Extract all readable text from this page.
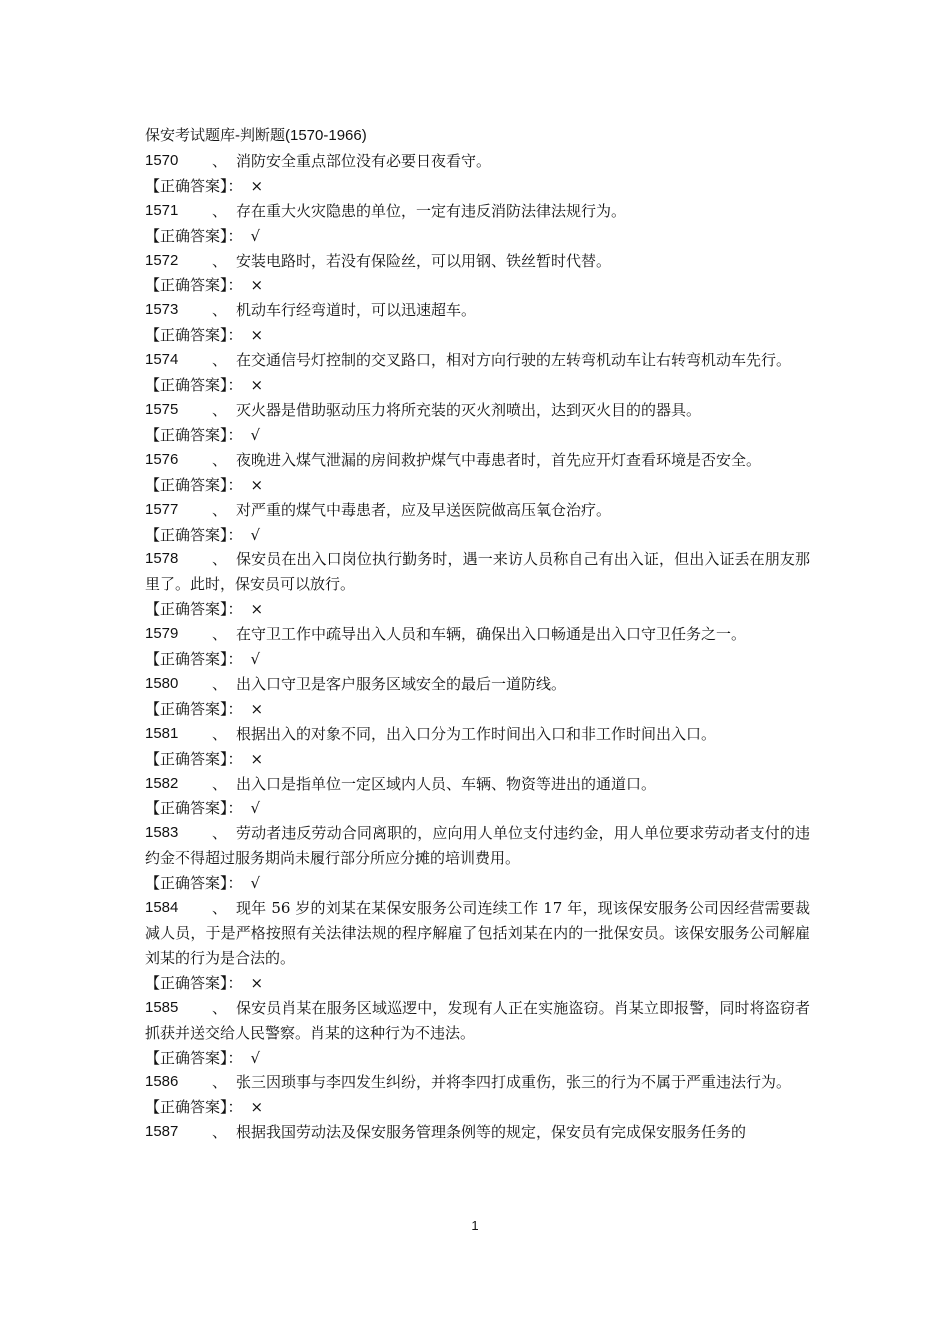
保安考试题库-判断题(1570-1966)
1570 、 消防安全重点部位没有必要日夜看守。
【正确答案】： ×
1571 、 存在重大火灾隐患的单位，一定有违反消防法律法规行为。
【正确答案】： √
1572 、 安装电路时，若没有保险丝，可以用钢、铁丝暂时代替。
【正确答案】： ×
1573 、 机动车行经弯道时，可以迅速超车。
【正确答案】： ×
1574 、 在交通信号灯控制的交叉路口，相对方向行驶的左转弯机动车让右转弯机动车先行。
【正确答案】： ×
1575 、 灭火器是借助驱动压力将所充装的灭火剂喷出，达到灭火目的的器具。
【正确答案】： √
1576 、 夜晚进入煤气泄漏的房间救护煤气中毒患者时，首先应开灯查看环境是否安全。
【正确答案】： ×
1577 、 对严重的煤气中毒患者，应及早送医院做高压氧仓治疗。
【正确答案】： √
1578 、 保安员在出入口岗位执行勤务时，遇一来访人员称自己有出入证，但出入证丢在朋友那里了。此时，保安员可以放行。
【正确答案】： ×
1579 、 在守卫工作中疏导出入人员和车辆，确保出入口畅通是出入口守卫任务之一。
【正确答案】： √
1580 、 出入口守卫是客户服务区域安全的最后一道防线。
【正确答案】： ×
1581 、 根据出入的对象不同，出入口分为工作时间出入口和非工作时间出入口。
【正确答案】： ×
1582 、 出入口是指单位一定区域内人员、车辆、物资等进出的通道口。
【正确答案】： √
1583 、 劳动者违反劳动合同离职的，应向用人单位支付违约金，用人单位要求劳动者支付的违约金不得超过服务期尚未履行部分所应分摊的培训费用。
【正确答案】： √
1584 、 现年 56 岁的刘某在某保安服务公司连续工作 17 年，现该保安服务公司因经营需要裁减人员，于是严格按照有关法律法规的程序解雇了包括刘某在内的一批保安员。该保安服务公司解雇刘某的行为是合法的。
【正确答案】： ×
1585 、 保安员肖某在服务区域巡逻中，发现有人正在实施盗窃。肖某立即报警，同时将盗窃者抓获并送交给人民警察。肖某的这种行为不违法。
【正确答案】： √
1586 、 张三因琐事与李四发生纠纷，并将李四打成重伤，张三的行为不属于严重违法行为。
【正确答案】： ×
1587 、 根据我国劳动法及保安服务管理条例等的规定，保安员有完成保安服务任务的
1
